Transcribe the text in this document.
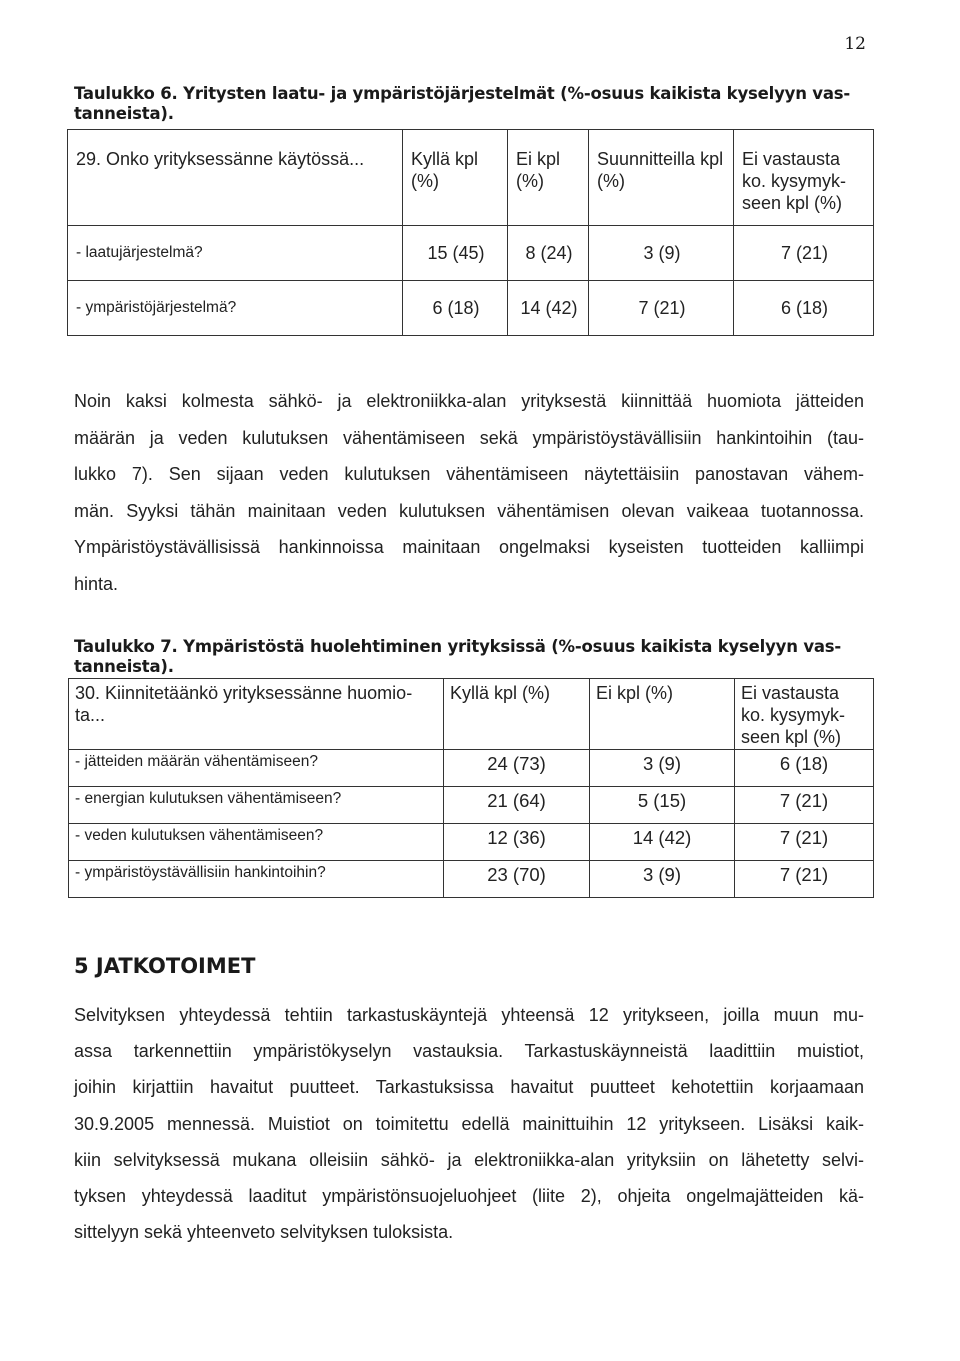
12
Taulukko 6. Yritysten laatu- ja ympäristöjärjestelmät (%-osuus kaikista kyselyyn vas-
tanneista).
29. Onko yrityksessänne käytössä...	Kyllä kpl (%)	Ei kpl (%)	Suunnitteilla kpl (%)	Ei vastausta ko. kysymyk- seen kpl (%)
- laatujärjestelmä?	15 (45)	8 (24)	3 (9)	7 (21)
- ympäristöjärjestelmä?	6 (18)	14 (42)	7 (21)	6 (18)
Noin kaksi kolmesta sähkö- ja elektroniikka-alan yrityksestä kiinnittää huomiota jätteiden
määrän ja veden kulutuksen vähentämiseen sekä ympäristöystävällisiin hankintoihin (tau-
lukko 7). Sen sijaan veden kulutuksen vähentämiseen näytettäisiin panostavan vähem-
män. Syyksi tähän mainitaan veden kulutuksen vähentämisen olevan vaikeaa tuotannossa.
Ympäristöystävällisissä hankinnoissa mainitaan ongelmaksi kyseisten tuotteiden kalliimpi
hinta.
Taulukko 7. Ympäristöstä huolehtiminen yrityksissä (%-osuus kaikista kyselyyn vas-
tanneista).
30. Kiinnitetäänkö yrityksessänne huomio- ta...	Kyllä kpl (%)	Ei kpl (%)	Ei vastausta ko. kysymyk- seen kpl (%)
- jätteiden määrän vähentämiseen?	24 (73)	3 (9)	6 (18)
- energian kulutuksen vähentämiseen?	21 (64)	5 (15)	7 (21)
- veden kulutuksen vähentämiseen?	12 (36)	14 (42)	7 (21)
- ympäristöystävällisiin hankintoihin?	23 (70)	3 (9)	7 (21)
5 JATKOTOIMET
Selvityksen yhteydessä tehtiin tarkastuskäyntejä yhteensä 12 yritykseen, joilla muun mu-
assa tarkennettiin ympäristökyselyn vastauksia. Tarkastuskäynneistä laadittiin muistiot,
joihin kirjattiin havaitut puutteet. Tarkastuksissa havaitut puutteet kehotettiin korjaamaan
30.9.2005 mennessä. Muistiot on toimitettu edellä mainittuihin 12 yritykseen. Lisäksi kaik-
kiin selvityksessä mukana olleisiin sähkö- ja elektroniikka-alan yrityksiin on lähetetty selvi-
tyksen yhteydessä laaditut ympäristönsuojeluohjeet (liite 2), ohjeita ongelmajätteiden kä-
sittelyyn sekä yhteenveto selvityksen tuloksista.
